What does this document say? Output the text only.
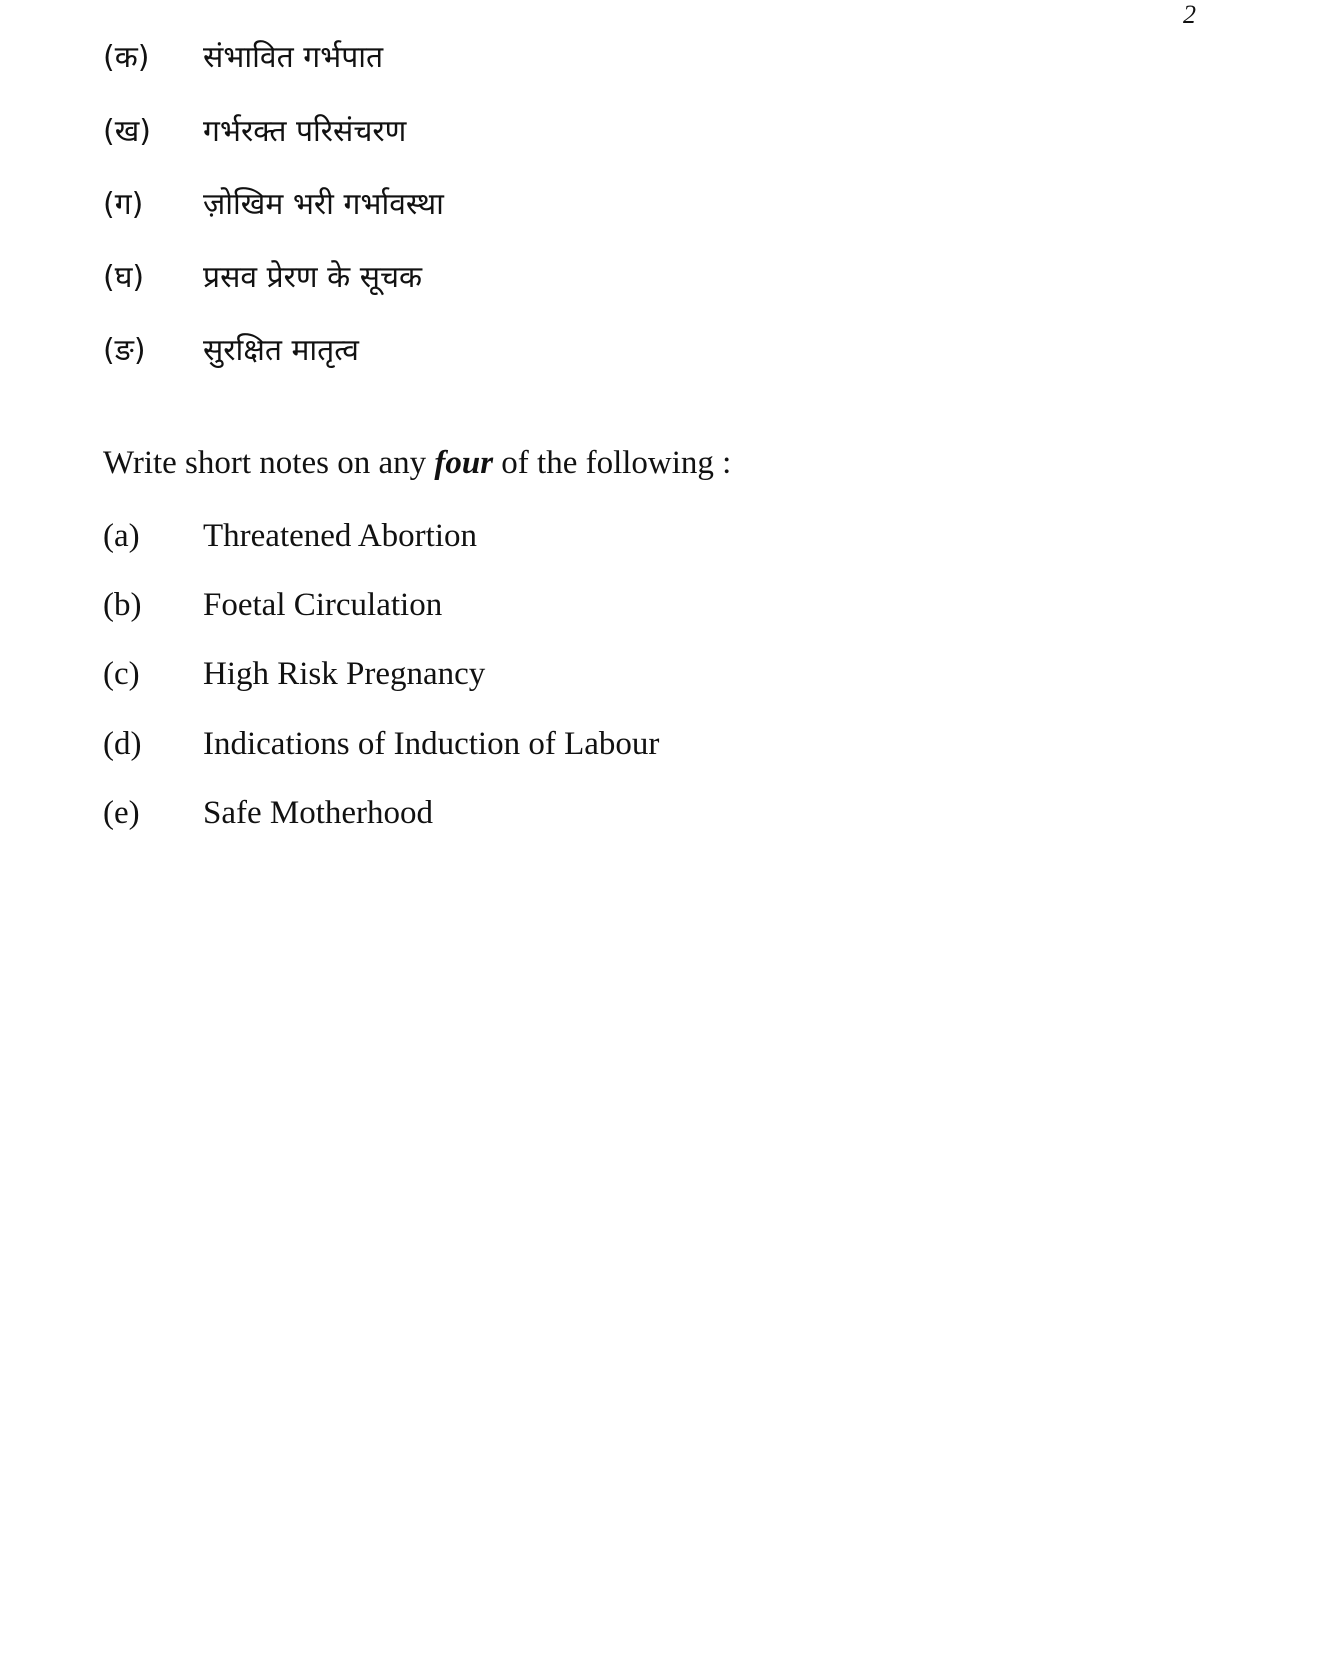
2
(क)	संभावित गर्भपात
(ख)	गर्भरक्त परिसंचरण
(ग)	ज़ोखिम भरी गर्भावस्था
(घ)	प्रसव प्रेरण के सूचक
(ङ)	सुरक्षित मातृत्व
Write short notes on any four of the following :
(a)	Threatened Abortion
(b)	Foetal Circulation
(c)	High Risk Pregnancy
(d)	Indications of Induction of Labour
(e)	Safe Motherhood
